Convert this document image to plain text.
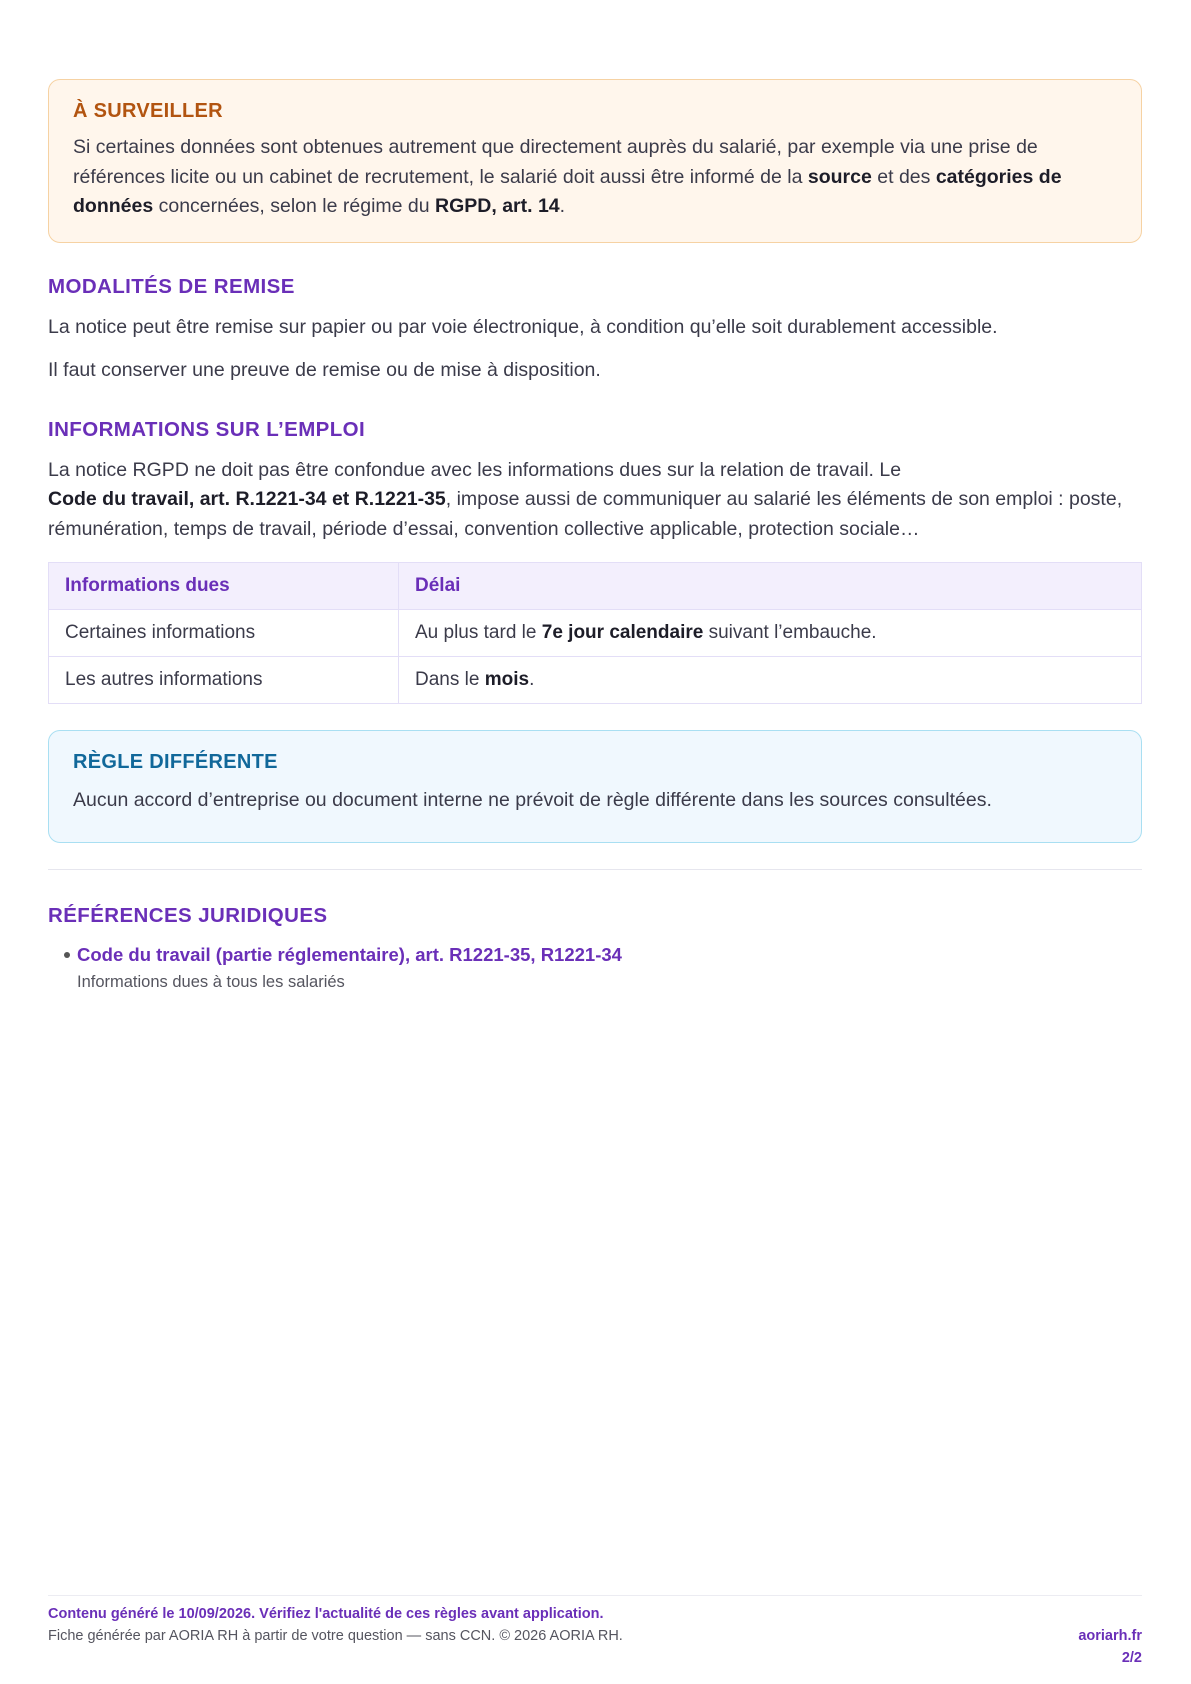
À SURVEILLER

Si certaines données sont obtenues autrement que directement auprès du salarié, par exemple via une prise de références licite ou un cabinet de recrutement, le salarié doit aussi être informé de la source et des catégories de données concernées, selon le régime du RGPD, art. 14.

MODALITÉS DE REMISE

La notice peut être remise sur papier ou par voie électronique, à condition qu’elle soit durablement accessible.

Il faut conserver une preuve de remise ou de mise à disposition.

INFORMATIONS SUR L’EMPLOI

La notice RGPD ne doit pas être confondue avec les informations dues sur la relation de travail. Le
Code du travail, art. R.1221-34 et R.1221-35, impose aussi de communiquer au salarié les éléments de son emploi : poste, rémunération, temps de travail, période d’essai, convention collective applicable, protection sociale…

Informations dues	Délai
Certaines informations	Au plus tard le 7e jour calendaire suivant l’embauche.
Les autres informations	Dans le mois.
RÈGLE DIFFÉRENTE

Aucun accord d’entreprise ou document interne ne prévoit de règle différente dans les sources consultées.

RÉFÉRENCES JURIDIQUES
Code du travail (partie réglementaire), art. R1221-35, R1221-34
Informations dues à tous les salariés
Contenu généré le 10/09/2026. Vérifiez l'actualité de ces règles avant application.
Fiche générée par AORIA RH à partir de votre question — sans CCN. © 2026 AORIA RH.	aoriarh.fr
2/2
